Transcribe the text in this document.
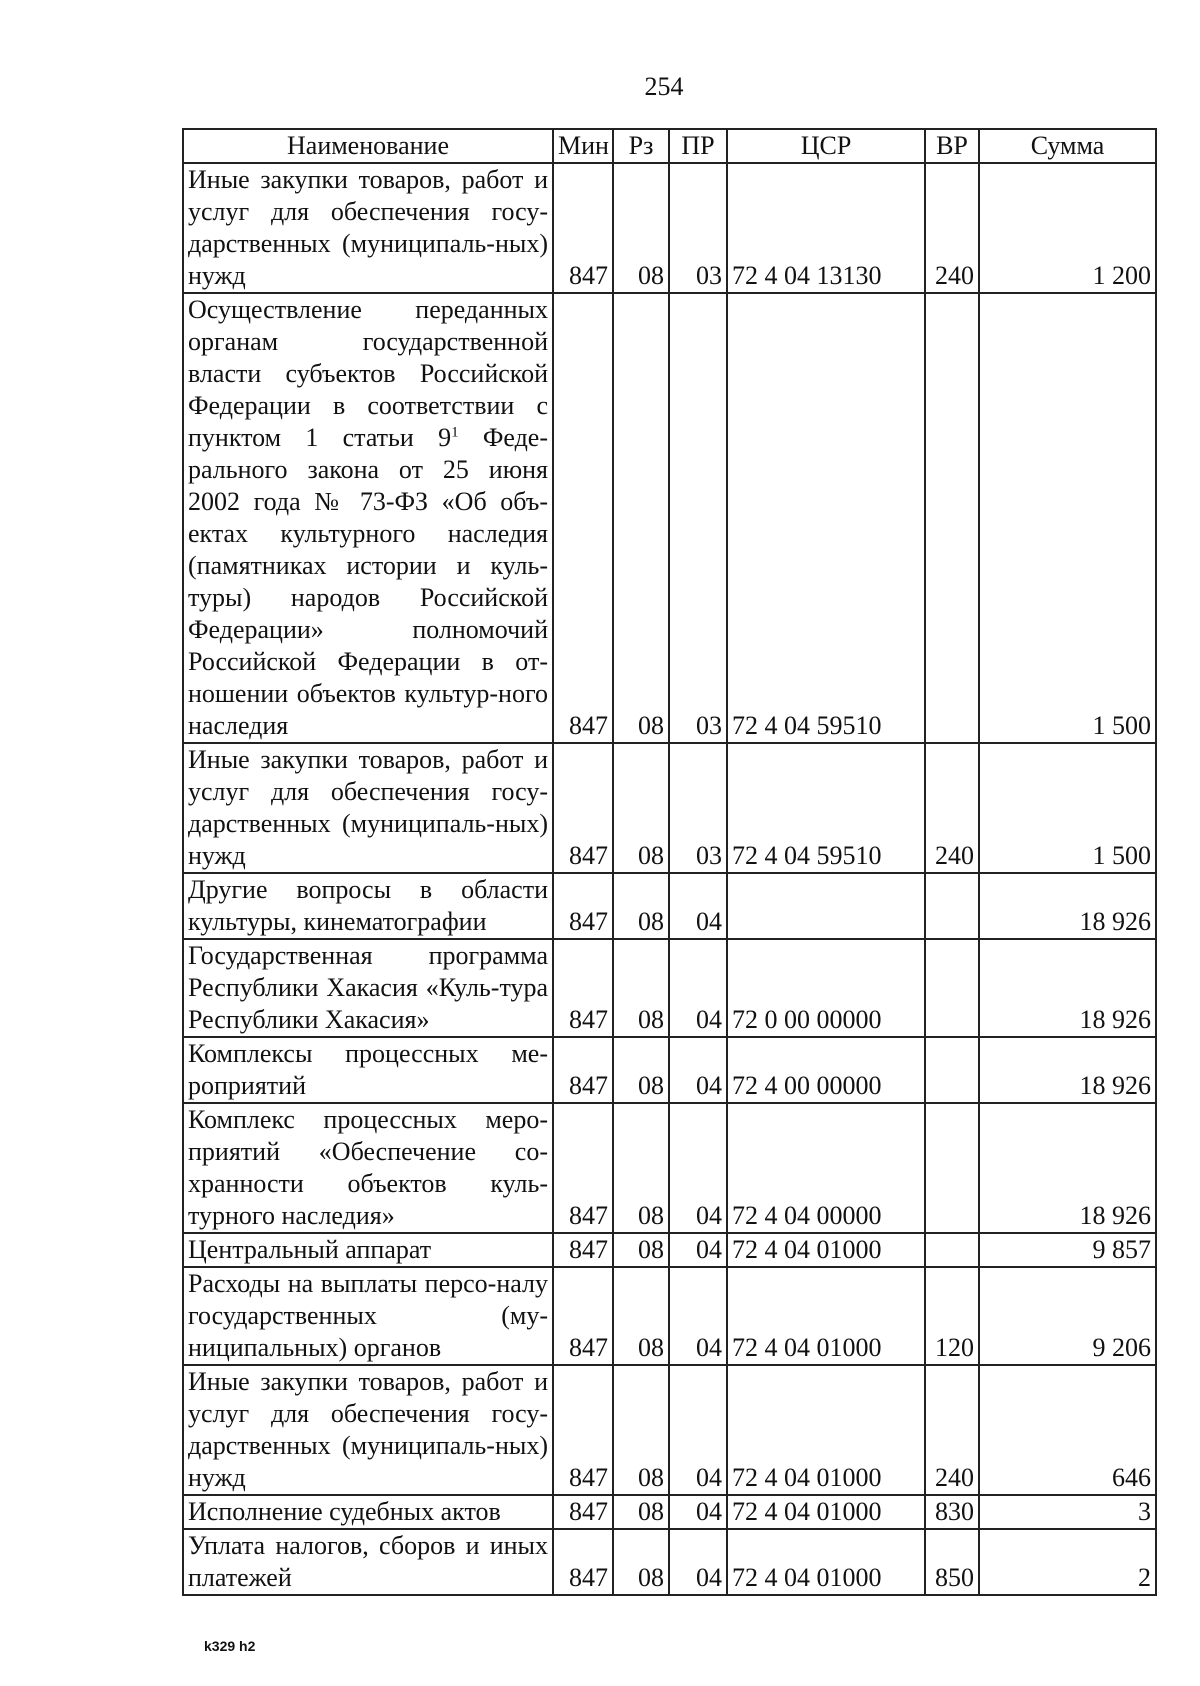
254
Наименование	Мин	Рз	ПР	ЦСР	ВР	Сумма
Иные закупки товаров, работ и услуг для обеспечения госу-дарственных (муниципаль-ных) нужд	847	08	03	72 4 04 13130	240	1 200
Осуществление переданных органам государственной власти субъектов Российской Федерации в соответствии с пунктом 1 статьи $9^1$ Феде-рального закона от 25 июня 2002 года № 73-ФЗ «Об объ-ектах культурного наследия (памятниках истории и куль-туры) народов Российской Федерации» полномочий Российской Федерации в от-ношении объектов культур-ного наследия	847	08	03	72 4 04 59510		1 500
Иные закупки товаров, работ и услуг для обеспечения госу-дарственных (муниципаль-ных) нужд	847	08	03	72 4 04 59510	240	1 500
Другие вопросы в области культуры, кинематографии	847	08	04			18 926
Государственная программа Республики Хакасия «Куль-тура Республики Хакасия»	847	08	04	72 0 00 00000		18 926
Комплексы процессных ме-роприятий	847	08	04	72 4 00 00000		18 926
Комплекс процессных меро-приятий «Обеспечение со-хранности объектов куль-турного наследия»	847	08	04	72 4 04 00000		18 926
Центральный аппарат	847	08	04	72 4 04 01000		9 857
Расходы на выплаты персо-налу государственных (му-ниципальных) органов	847	08	04	72 4 04 01000	120	9 206
Иные закупки товаров, работ и услуг для обеспечения госу-дарственных (муниципаль-ных) нужд	847	08	04	72 4 04 01000	240	646
Исполнение судебных актов	847	08	04	72 4 04 01000	830	3
Уплата налогов, сборов и иных платежей	847	08	04	72 4 04 01000	850	2
k329 h2
